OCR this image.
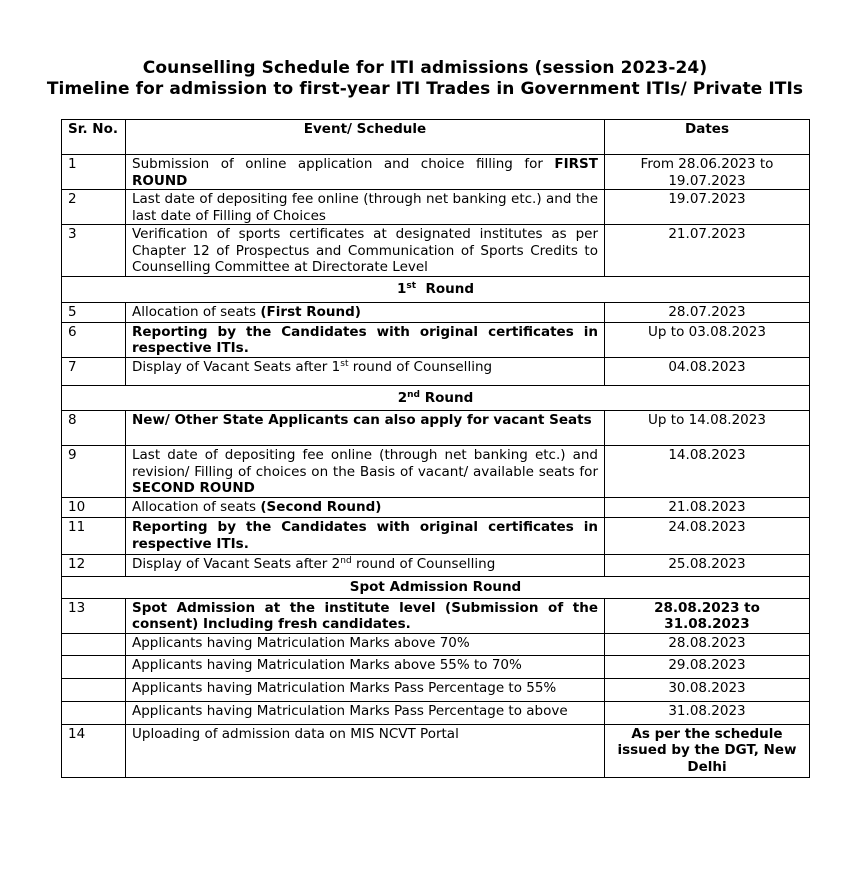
Counselling Schedule for ITI admissions (session 2023-24)
Timeline for admission to first-year ITI Trades in Government ITIs/ Private ITIs
Sr. No.	Event/ Schedule	Dates
1	Submission of online application and choice filling for FIRST ROUND	From 28.06.2023 to 19.07.2023
2	Last date of depositing fee online (through net banking etc.) and the last date of Filling of Choices	19.07.2023
3	Verification of sports certificates at designated institutes as per Chapter 12 of Prospectus and Communication of Sports Credits to Counselling Committee at Directorate Level	21.07.2023
1st Round		
5	Allocation of seats (First Round)	28.07.2023
6	Reporting by the Candidates with original certificates in respective ITIs.	Up to 03.08.2023
7	Display of Vacant Seats after 1st round of Counselling	04.08.2023
2nd Round		
8	New/ Other State Applicants can also apply for vacant Seats	Up to 14.08.2023
9	Last date of depositing fee online (through net banking etc.) and revision/ Filling of choices on the Basis of vacant/ available seats for SECOND ROUND	14.08.2023
10	Allocation of seats (Second Round)	21.08.2023
11	Reporting by the Candidates with original certificates in respective ITIs.	24.08.2023
12	Display of Vacant Seats after 2nd round of Counselling	25.08.2023
Spot Admission Round		
13	Spot Admission at the institute level (Submission of the consent) Including fresh candidates.	28.08.2023 to 31.08.2023
	Applicants having Matriculation Marks above 70%	28.08.2023
	Applicants having Matriculation Marks above 55% to 70%	29.08.2023
	Applicants having Matriculation Marks Pass Percentage to 55%	30.08.2023
	Applicants having Matriculation Marks Pass Percentage to above	31.08.2023
14	Uploading of admission data on MIS NCVT Portal	As per the schedule issued by the DGT, New Delhi
